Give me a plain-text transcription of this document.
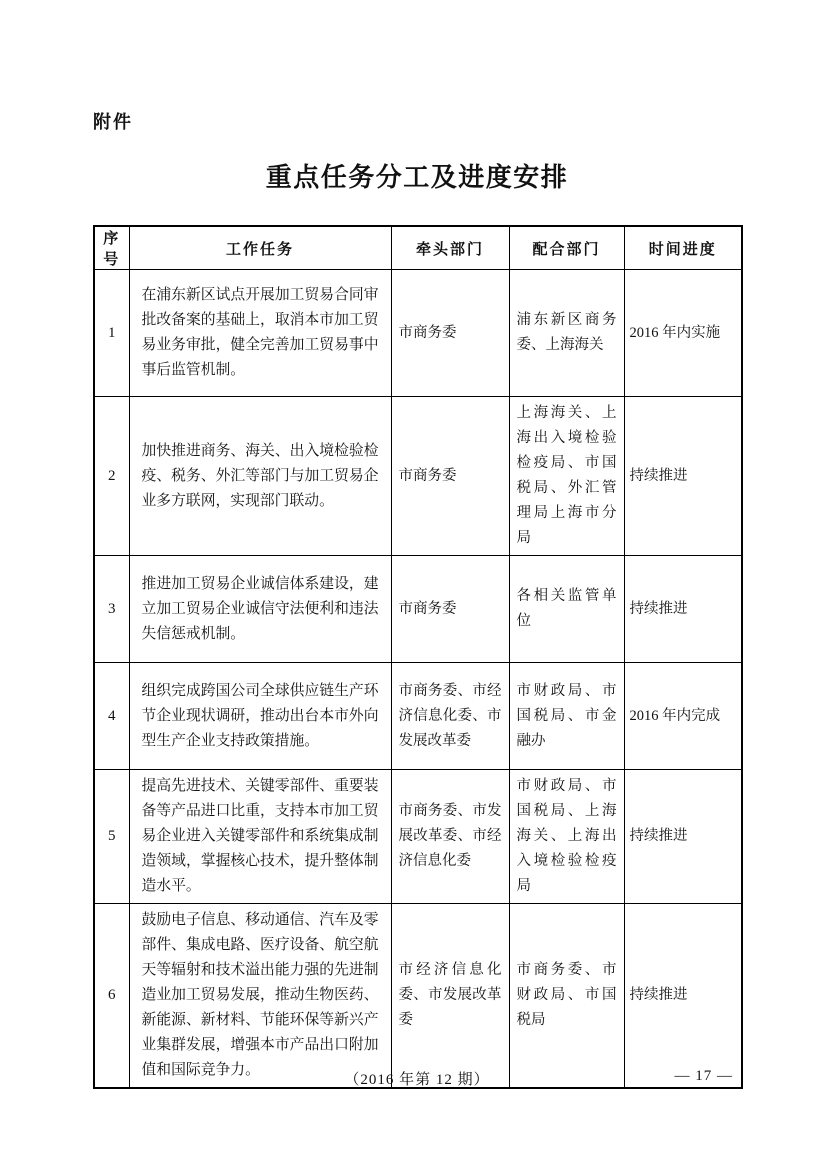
附件
重点任务分工及进度安排
序号	工作任务	牵头部门	配合部门	时间进度
1	在浦东新区试点开展加工贸易合同审批改备案的基础上，取消本市加工贸易业务审批，健全完善加工贸易事中事后监管机制。	市商务委	浦东新区商务委、上海海关	2016 年内实施
2	加快推进商务、海关、出入境检验检疫、税务、外汇等部门与加工贸易企业多方联网，实现部门联动。	市商务委	上海海关、上海出入境检验检疫局、市国税局、外汇管理局上海市分局	持续推进
3	推进加工贸易企业诚信体系建设，建立加工贸易企业诚信守法便利和违法失信惩戒机制。	市商务委	各相关监管单位	持续推进
4	组织完成跨国公司全球供应链生产环节企业现状调研，推动出台本市外向型生产企业支持政策措施。	市商务委、市经济信息化委、市发展改革委	市财政局、市国税局、市金融办	2016 年内完成
5	提高先进技术、关键零部件、重要装备等产品进口比重，支持本市加工贸易企业进入关键零部件和系统集成制造领域，掌握核心技术，提升整体制造水平。	市商务委、市发展改革委、市经济信息化委	市财政局、市国税局、上海海关、上海出入境检验检疫局	持续推进
6	鼓励电子信息、移动通信、汽车及零部件、集成电路、医疗设备、航空航天等辐射和技术溢出能力强的先进制造业加工贸易发展，推动生物医药、新能源、新材料、节能环保等新兴产业集群发展，增强本市产品出口附加值和国际竞争力。	市经济信息化委、市发展改革委	市商务委、市财政局、市国税局	持续推进
（2016 年第 12 期）	— 17 —
